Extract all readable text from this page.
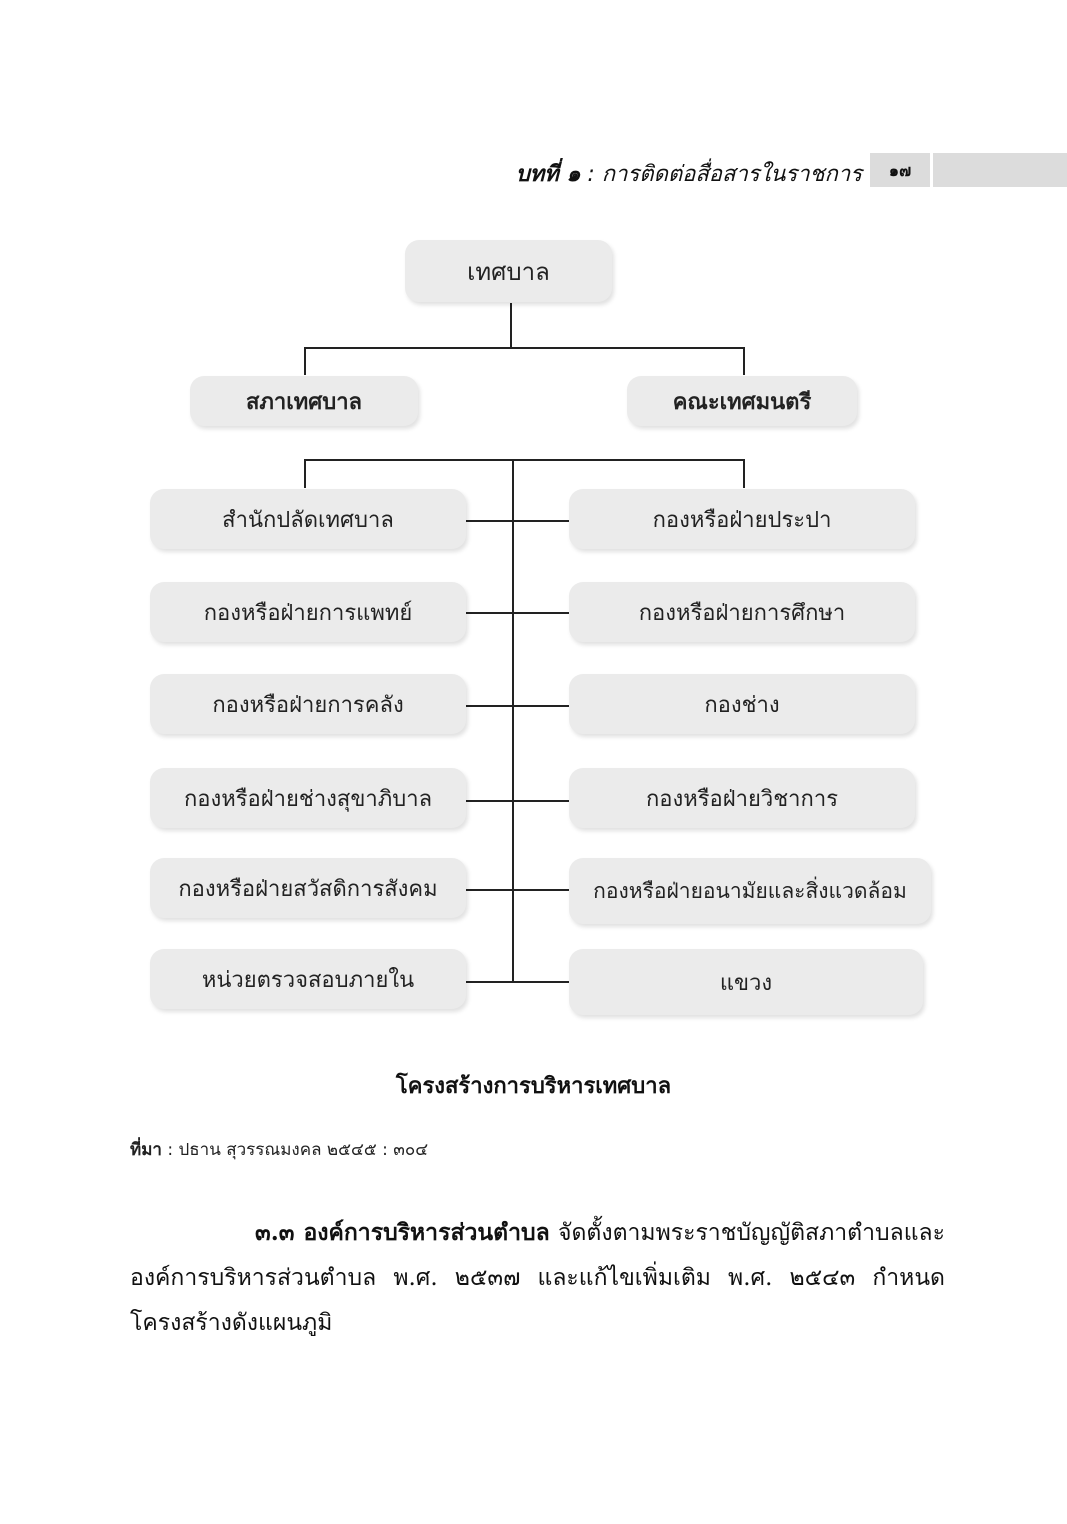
บทที่ ๑ : การติดต่อสื่อสารในราชการ	๑๗
เทศบาล
สภาเทศบาล	คณะเทศมนตรี
สำนักปลัดเทศบาล
กองหรือฝ่ายการแพทย์
กองหรือฝ่ายการคลัง
กองหรือฝ่ายช่างสุขาภิบาล
กองหรือฝ่ายสวัสดิการสังคม
หน่วยตรวจสอบภายใน
กองหรือฝ่ายประปา
กองหรือฝ่ายการศึกษา
กองช่าง
กองหรือฝ่ายวิชาการ
กองหรือฝ่ายอนามัยและสิ่งแวดล้อม
แขวง
โครงสร้างการบริหารเทศบาล
ที่มา : ปธาน สุวรรณมงคล ๒๕๔๕ : ๓๐๔
๓.๓ องค์การบริหารส่วนตำบล จัดตั้งตามพระราชบัญญัติสภาตำบลและองค์การบริหารส่วนตำบล พ.ศ. ๒๕๓๗ และแก้ไขเพิ่มเติม พ.ศ. ๒๕๔๓ กำหนดโครงสร้างดังแผนภูมิ
